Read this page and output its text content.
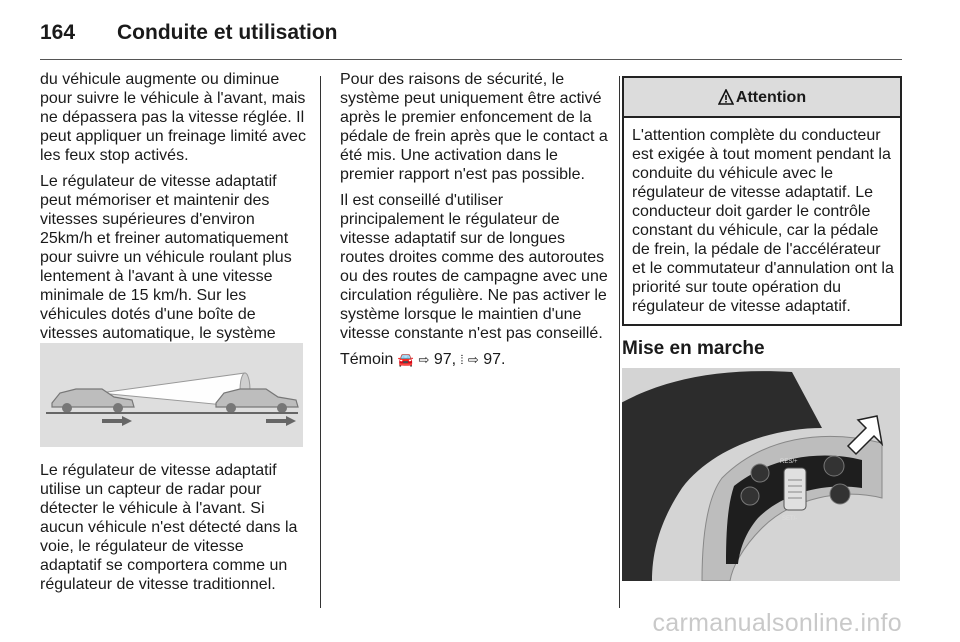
164	Conduite et utilisation

du véhicule augmente ou diminue pour suivre le véhicule à l'avant, mais ne dépassera pas la vitesse réglée. Il peut appliquer un freinage limité avec les feux stop activés.

Le régulateur de vitesse adaptatif peut mémoriser et maintenir des vitesses supérieures d'environ 25km/h et freiner automatiquement pour suivre un véhicule roulant plus lentement à l'avant à une vitesse minimale de 15 km/h. Sur les véhicules dotés d'une boîte de vitesses automatique, le système

Le régulateur de vitesse adaptatif utilise un capteur de radar pour détecter le véhicule à l'avant. Si aucun véhicule n'est détecté dans la voie, le régulateur de vitesse adaptatif se comportera comme un régulateur de vitesse traditionnel.

Pour des raisons de sécurité, le système peut uniquement être activé après le premier enfoncement de la pédale de frein après que le contact a été mis. Une activation dans le premier rapport n'est pas possible.

Il est conseillé d'utiliser principalement le régulateur de vitesse adaptatif sur de longues routes droites comme des autoroutes ou des routes de campagne avec une circulation régulière. Ne pas activer le système lorsque le maintien d'une vitesse constante n'est pas conseillé.

Témoin 🚘 ⇨ 97, ⦙ ⇨ 97.

Attention
L'attention complète du conducteur est exigée à tout moment pendant la conduite du véhicule avec le régulateur de vitesse adaptatif. Le conducteur doit garder le contrôle constant du véhicule, car la pédale de frein, la pédale de l'accélérateur et le commutateur d'annulation ont la priorité sur toute opération du régulateur de vitesse adaptatif.
Mise en marche
RES/+
SET/-
carmanualsonline.info
